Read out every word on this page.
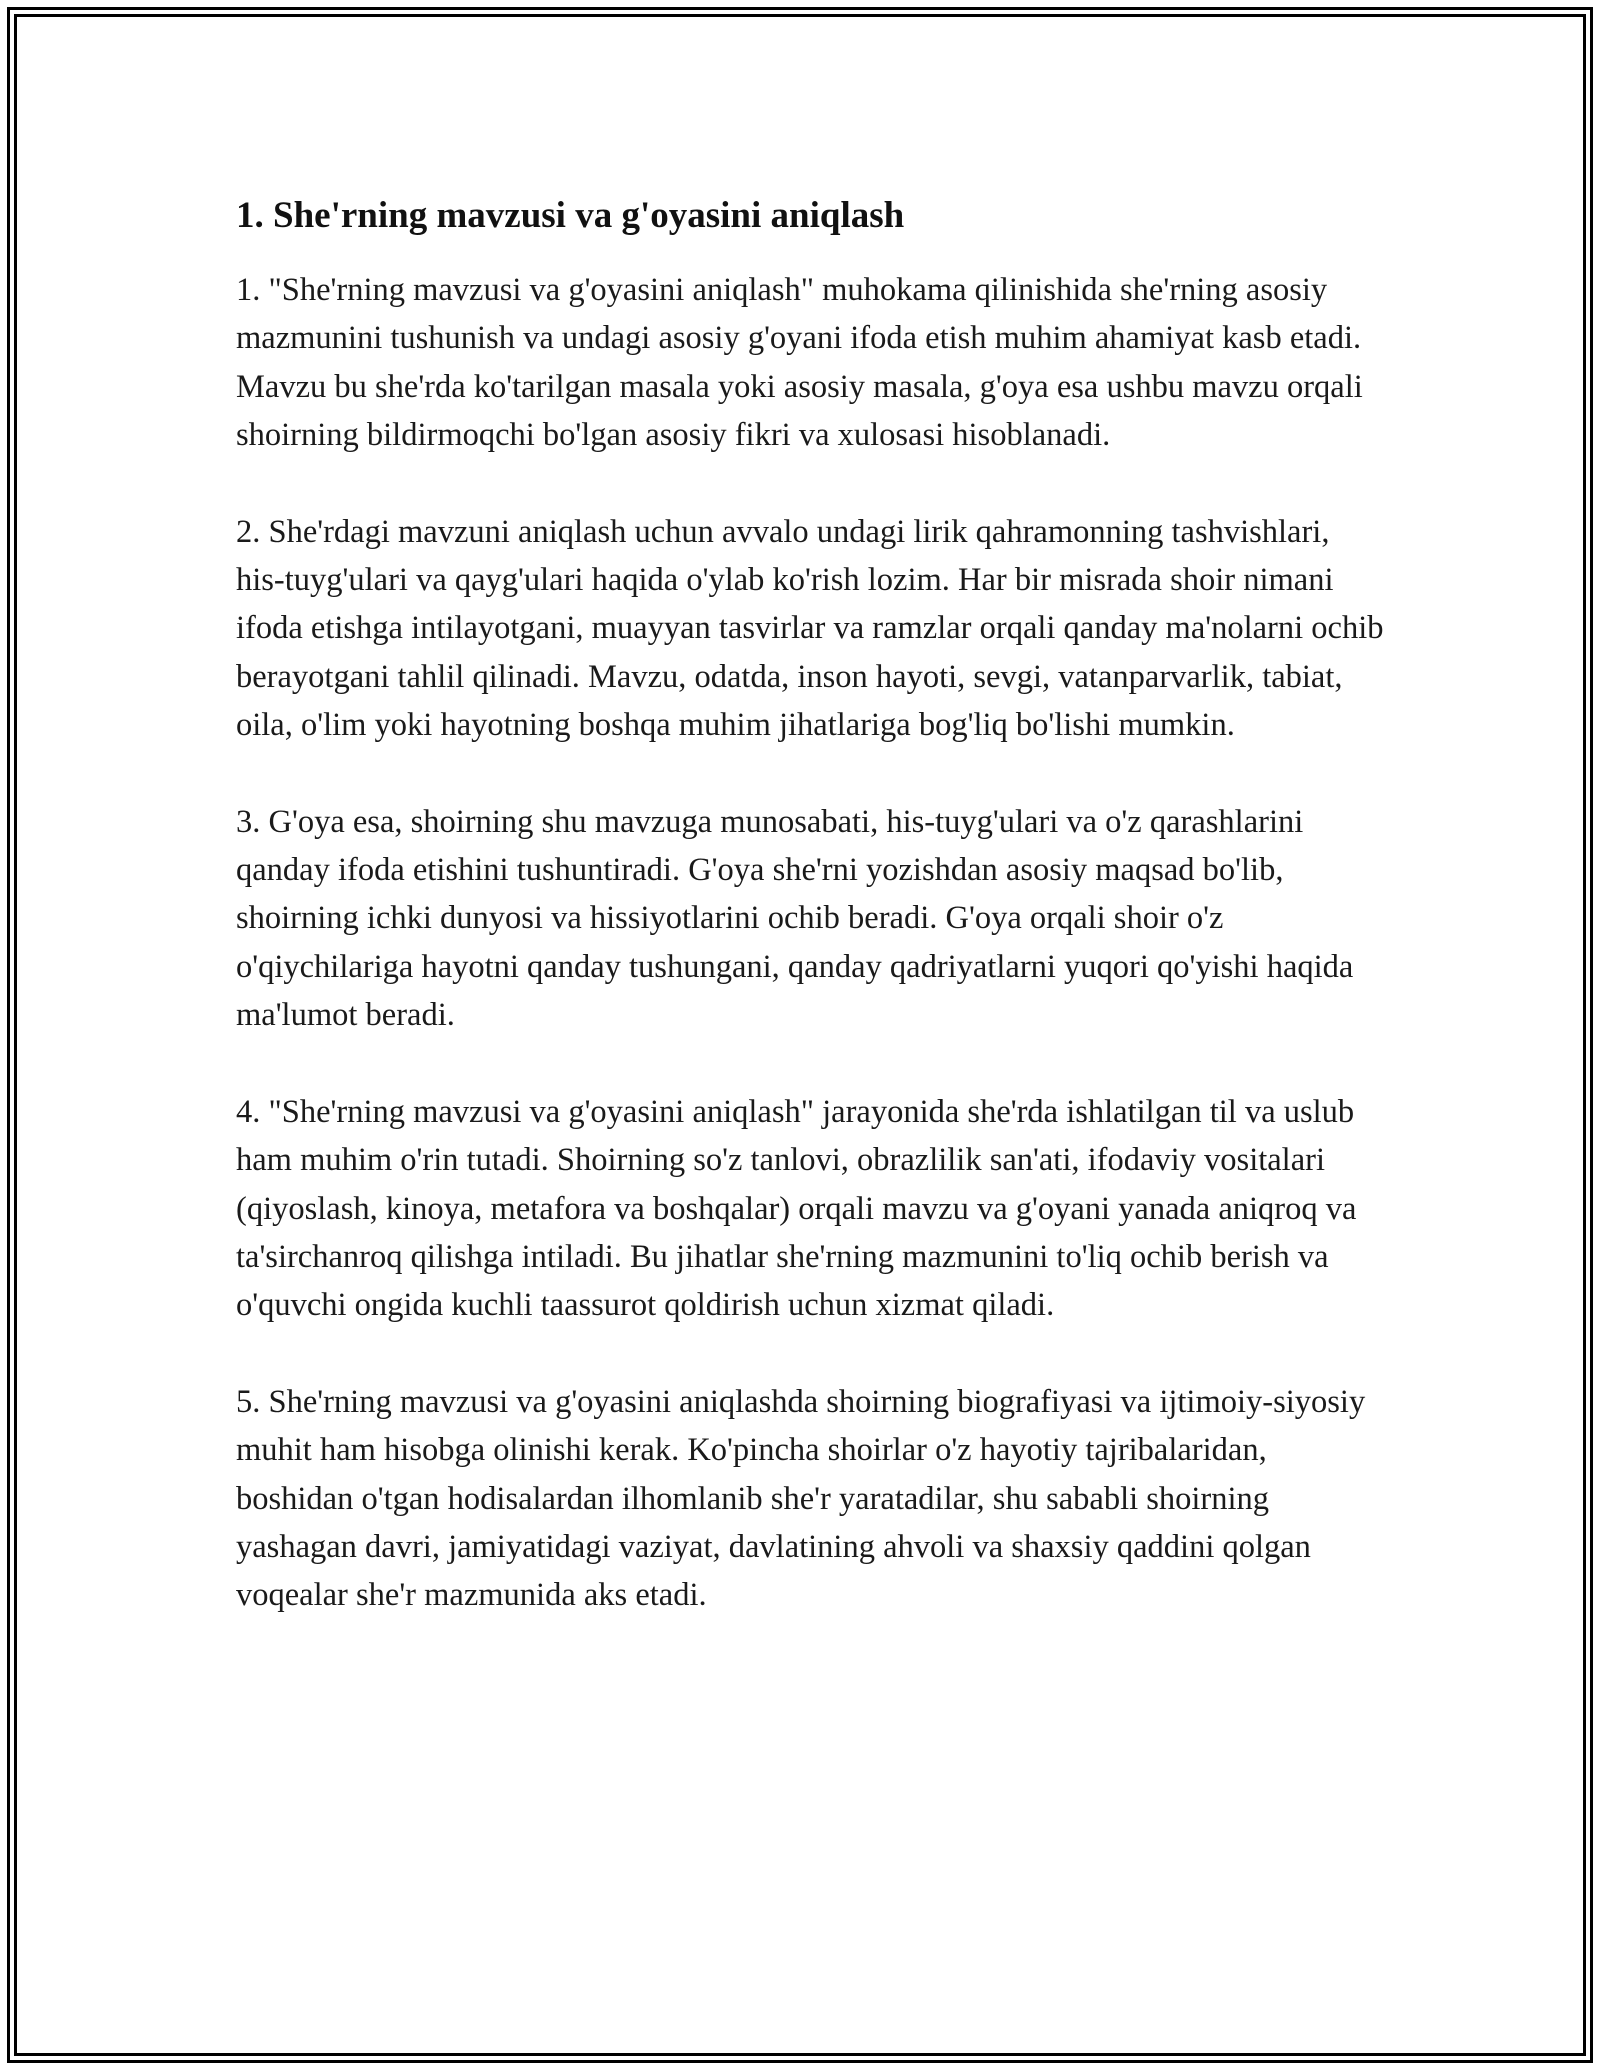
1. She'rning mavzusi va g'oyasini aniqlash

1. "She'rning mavzusi va g'oyasini aniqlash" muhokama qilinishida she'rning asosiy mazmunini tushunish va undagi asosiy g'oyani ifoda etish muhim ahamiyat kasb etadi. Mavzu bu she'rda ko'tarilgan masala yoki asosiy masala, g'oya esa ushbu mavzu orqali shoirning bildirmoqchi bo'lgan asosiy fikri va xulosasi hisoblanadi.

2. She'rdagi mavzuni aniqlash uchun avvalo undagi lirik qahramonning tashvishlari, his-tuyg'ulari va qayg'ulari haqida o'ylab ko'rish lozim. Har bir misrada shoir nimani ifoda etishga intilayotgani, muayyan tasvirlar va ramzlar orqali qanday ma'nolarni ochib berayotgani tahlil qilinadi. Mavzu, odatda, inson hayoti, sevgi, vatanparvarlik, tabiat, oila, o'lim yoki hayotning boshqa muhim jihatlariga bog'liq bo'lishi mumkin.

3. G'oya esa, shoirning shu mavzuga munosabati, his-tuyg'ulari va o'z qarashlarini qanday ifoda etishini tushuntiradi. G'oya she'rni yozishdan asosiy maqsad bo'lib, shoirning ichki dunyosi va hissiyotlarini ochib beradi. G'oya orqali shoir o'z o'qiychilariga hayotni qanday tushungani, qanday qadriyatlarni yuqori qo'yishi haqida ma'lumot beradi.

4. "She'rning mavzusi va g'oyasini aniqlash" jarayonida she'rda ishlatilgan til va uslub ham muhim o'rin tutadi. Shoirning so'z tanlovi, obrazlilik san'ati, ifodaviy vositalari (qiyoslash, kinoya, metafora va boshqalar) orqali mavzu va g'oyani yanada aniqroq va ta'sirchanroq qilishga intiladi. Bu jihatlar she'rning mazmunini to'liq ochib berish va o'quvchi ongida kuchli taassurot qoldirish uchun xizmat qiladi.

5. She'rning mavzusi va g'oyasini aniqlashda shoirning biografiyasi va ijtimoiy-siyosiy muhit ham hisobga olinishi kerak. Ko'pincha shoirlar o'z hayotiy tajribalaridan, boshidan o'tgan hodisalardan ilhomlanib she'r yaratadilar, shu sababli shoirning yashagan davri, jamiyatidagi vaziyat, davlatining ahvoli va shaxsiy qaddini qolgan voqealar she'r mazmunida aks etadi.
